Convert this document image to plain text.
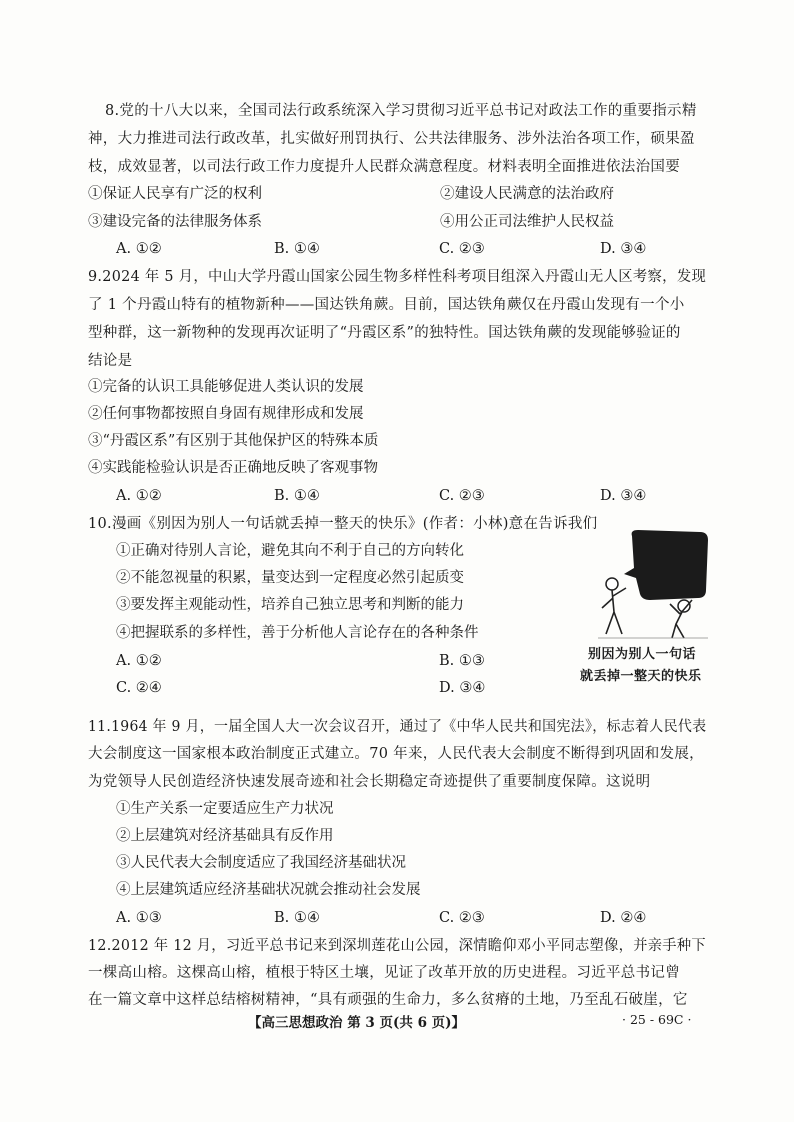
8.党的十八大以来，全国司法行政系统深入学习贯彻习近平总书记对政法工作的重要指示精
神，大力推进司法行政改革，扎实做好刑罚执行、公共法律服务、涉外法治各项工作，硕果盈
枝，成效显著，以司法行政工作力度提升人民群众满意程度。材料表明全面推进依法治国要
①保证人民享有广泛的权利	②建设人民满意的法治政府
③建设完备的法律服务体系	④用公正司法维护人民权益
A. ①②	B. ①④	C. ②③	D. ③④
9.2024 年 5 月，中山大学丹霞山国家公园生物多样性科考项目组深入丹霞山无人区考察，发现
了 1 个丹霞山特有的植物新种——国达铁角蕨。目前，国达铁角蕨仅在丹霞山发现有一个小
型种群，这一新物种的发现再次证明了“丹霞区系”的独特性。国达铁角蕨的发现能够验证的
结论是
①完备的认识工具能够促进人类认识的发展
②任何事物都按照自身固有规律形成和发展
③“丹霞区系”有区别于其他保护区的特殊本质
④实践能检验认识是否正确地反映了客观事物
A. ①②	B. ①④	C. ②③	D. ③④
10.漫画《别因为别人一句话就丢掉一整天的快乐》(作者：小林)意在告诉我们
①正确对待别人言论，避免其向不利于自己的方向转化
②不能忽视量的积累，量变达到一定程度必然引起质变
③要发挥主观能动性，培养自己独立思考和判断的能力
④把握联系的多样性，善于分析他人言论存在的各种条件
A. ①②	B. ①③
C. ②④	D. ③④
别因为别人一句话
就丢掉一整天的快乐
11.1964 年 9 月，一届全国人大一次会议召开，通过了《中华人民共和国宪法》，标志着人民代表
大会制度这一国家根本政治制度正式建立。70 年来，人民代表大会制度不断得到巩固和发展，
为党领导人民创造经济快速发展奇迹和社会长期稳定奇迹提供了重要制度保障。这说明
①生产关系一定要适应生产力状况
②上层建筑对经济基础具有反作用
③人民代表大会制度适应了我国经济基础状况
④上层建筑适应经济基础状况就会推动社会发展
A. ①③	B. ①④	C. ②③	D. ②④
12.2012 年 12 月，习近平总书记来到深圳莲花山公园，深情瞻仰邓小平同志塑像，并亲手种下
一棵高山榕。这棵高山榕，植根于特区土壤，见证了改革开放的历史进程。习近平总书记曾
在一篇文章中这样总结榕树精神，“具有顽强的生命力，多么贫瘠的土地，乃至乱石破崖，它
【高三思想政治 第 3 页(共 6 页)】	· 25 - 69C ·
